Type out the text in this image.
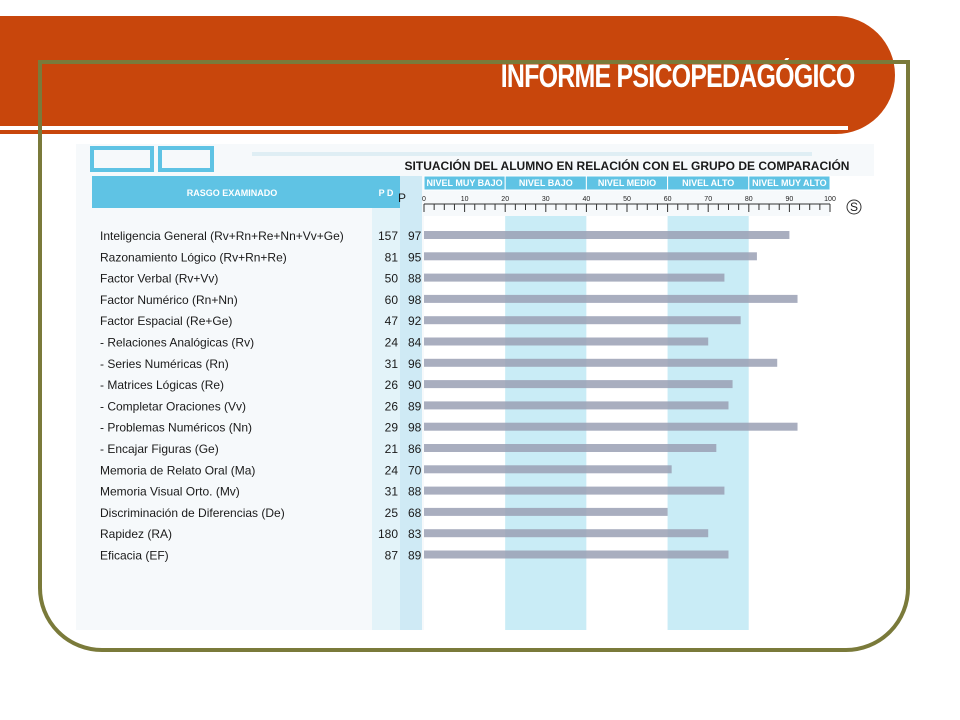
INFORME PSICOPEDAGÓGICO
RASGO EXAMINADO	P D P
NIVEL MUY BAJO NIVEL BAJO	NIVEL MEDIO	NIVEL ALTO NIVEL MUY ALTO
SITUACIÓN DEL ALUMNO EN RELACIÓN CON EL GRUPO DE COMPARACIÓN
0	10	20	30	40	50	60	70	80	90	100
S
Inteligencia General (Rv+Rn+Re+Nn+Vv+Ge)	157 97
Razonamiento Lógico (Rv+Rn+Re)	81 95
Factor Verbal (Rv+Vv)	50 88
Factor Numérico (Rn+Nn)	60 98
Factor Espacial (Re+Ge)	47 92
- Relaciones Analógicas (Rv)	24 84
- Series Numéricas (Rn)	31 96
- Matrices Lógicas (Re)	26 90
- Completar Oraciones (Vv)	26 89
- Problemas Numéricos (Nn)	29 98
- Encajar Figuras (Ge)	21 86
Memoria de Relato Oral (Ma)	24 70
Memoria Visual Orto. (Mv)	31 88
Discriminación de Diferencias (De)	25 68
Rapidez (RA)	180 83
Eficacia (EF)	87 89
